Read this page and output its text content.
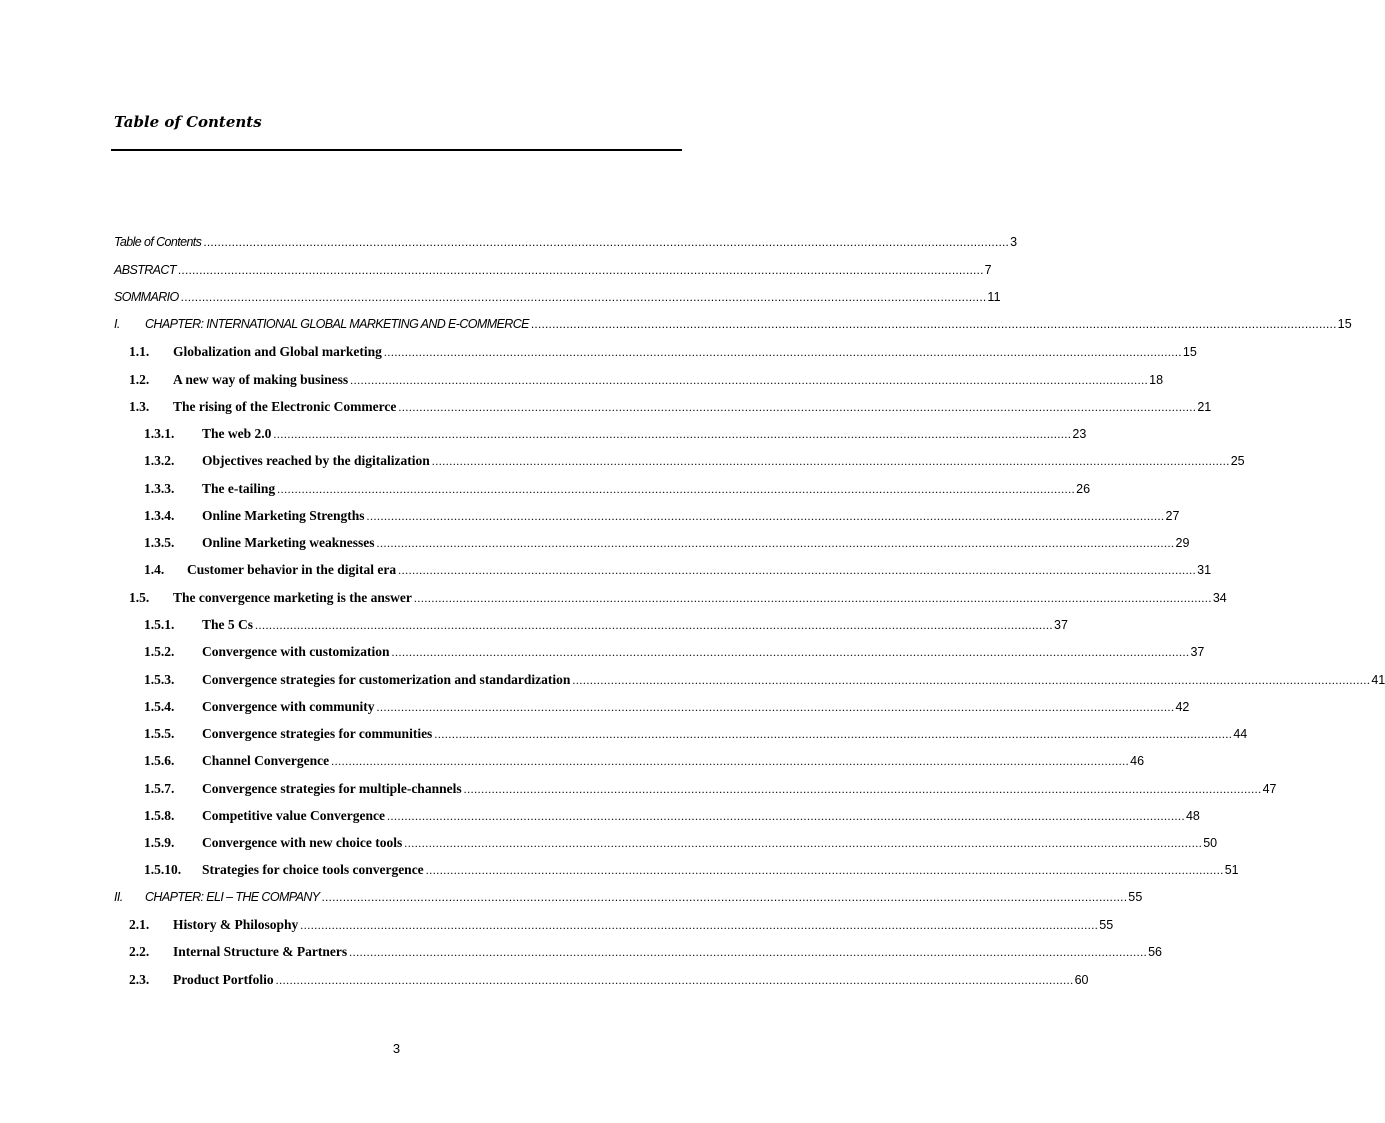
Table of Contents
Table of Contents .....	3
ABSTRACT .....	7
SOMMARIO .....	11
I.	CHAPTER: INTERNATIONAL GLOBAL MARKETING AND E-COMMERCE .....	15
1.1.	Globalization and Global marketing .....	15
1.2.	A new way of making business .....	18
1.3.	The rising of the Electronic Commerce .....	21
1.3.1.	The web 2.0 .....	23
1.3.2.	Objectives reached by the digitalization .....	25
1.3.3.	The e-tailing .....	26
1.3.4.	Online Marketing Strengths .....	27
1.3.5.	Online Marketing weaknesses .....	29
1.4.	Customer behavior in the digital era .....	31
1.5.	The convergence marketing is the answer .....	34
1.5.1.	The 5 Cs .....	37
1.5.2.	Convergence with customization .....	37
1.5.3.	Convergence strategies for customerization and standardization .....	41
1.5.4.	Convergence with community .....	42
1.5.5.	Convergence strategies for communities .....	44
1.5.6.	Channel Convergence .....	46
1.5.7.	Convergence strategies for multiple-channels .....	47
1.5.8.	Competitive value Convergence .....	48
1.5.9.	Convergence with new choice tools .....	50
1.5.10.	Strategies for choice tools convergence .....	51
II.	CHAPTER: ELI – THE COMPANY .....	55
2.1.	History & Philosophy .....	55
2.2.	Internal Structure & Partners .....	56
2.3.	Product Portfolio .....	60
3
